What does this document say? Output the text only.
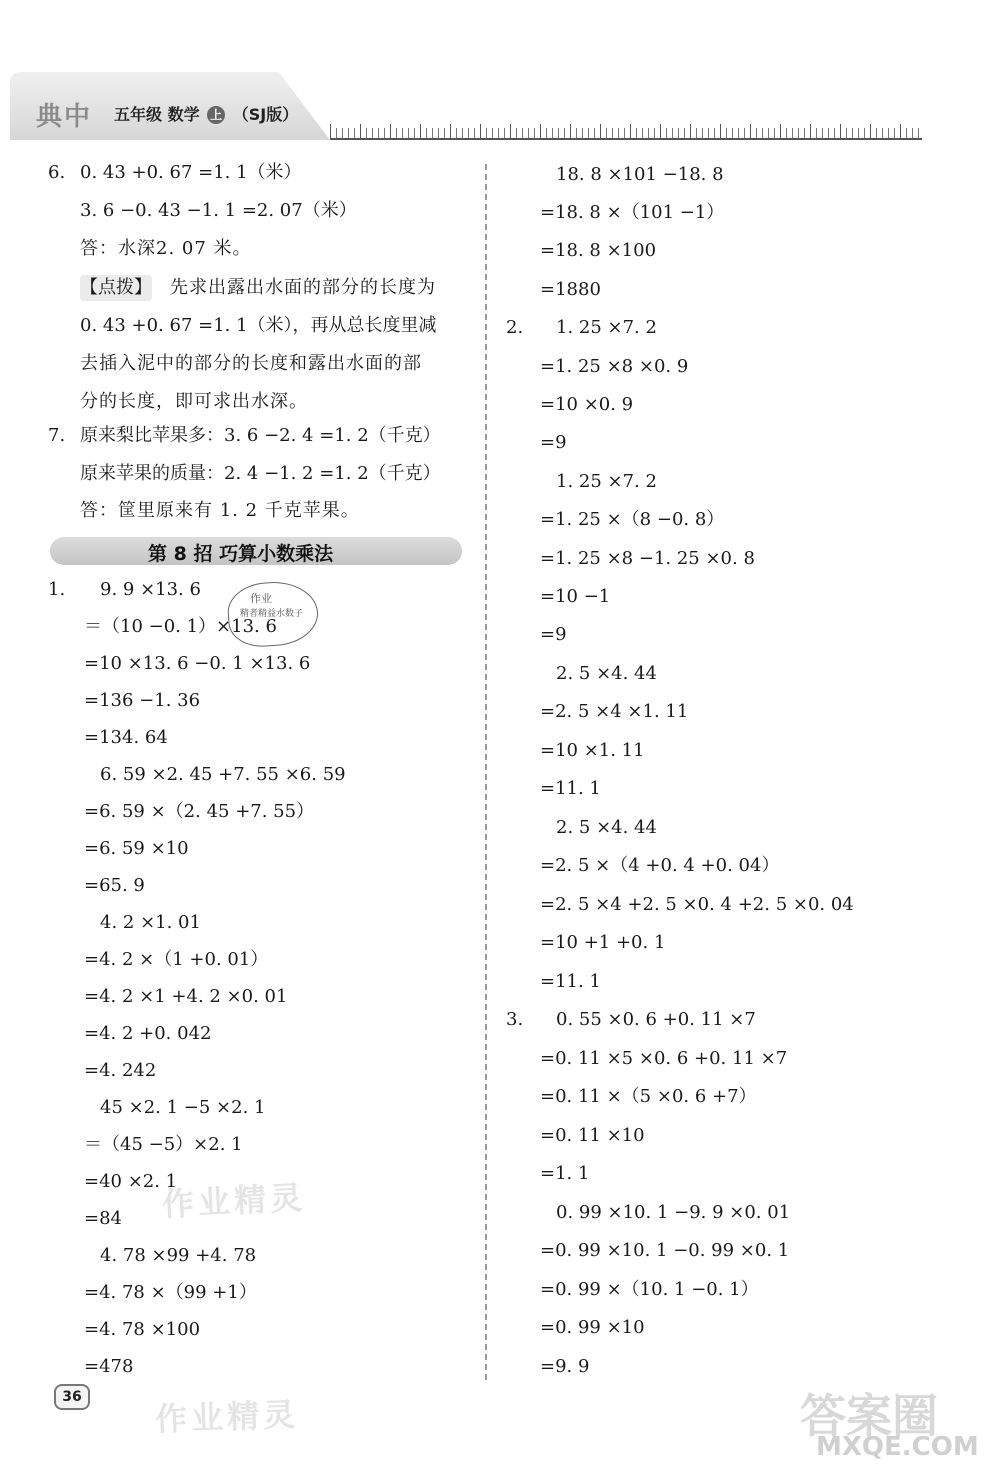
典中	五年级 数学 上 （SJ版）
6. 0. 43 +0. 67 =1. 1（米）
3. 6 −0. 43 −1. 1 =2. 07（米）
答：水深2. 07 米。
【点拨】 先求出露出水面的部分的长度为
0. 43 +0. 67 =1. 1（米），再从总长度里减
去插入泥中的部分的长度和露出水面的部
分的长度，即可求出水深。
7. 原来梨比苹果多：3. 6 −2. 4 =1. 2（千克）
原来苹果的质量：2. 4 −1. 2 =1. 2（千克）
答：筐里原来有 1. 2 千克苹果。
第 8 招 巧算小数乘法
1. 9. 9 ×13. 6
＝（10 −0. 1）×13. 6
=10 ×13. 6 −0. 1 ×13. 6
=136 −1. 36
=134. 64
6. 59 ×2. 45 +7. 55 ×6. 59
=6. 59 ×（2. 45 +7. 55）
=6. 59 ×10
=65. 9
4. 2 ×1. 01
=4. 2 ×（1 +0. 01）
=4. 2 ×1 +4. 2 ×0. 01
=4. 2 +0. 042
=4. 242
45 ×2. 1 −5 ×2. 1
＝（45 −5）×2. 1
=40 ×2. 1
=84
4. 78 ×99 +4. 78
=4. 78 ×（99 +1）
=4. 78 ×100
=478
作业
精者精益水数子
18. 8 ×101 −18. 8
=18. 8 ×（101 −1）
=18. 8 ×100
=1880
2. 1. 25 ×7. 2
=1. 25 ×8 ×0. 9
=10 ×0. 9
=9
1. 25 ×7. 2
=1. 25 ×（8 −0. 8）
=1. 25 ×8 −1. 25 ×0. 8
=10 −1
=9
2. 5 ×4. 44
=2. 5 ×4 ×1. 11
=10 ×1. 11
=11. 1
2. 5 ×4. 44
=2. 5 ×（4 +0. 4 +0. 04）
=2. 5 ×4 +2. 5 ×0. 4 +2. 5 ×0. 04
=10 +1 +0. 1
=11. 1
3. 0. 55 ×0. 6 +0. 11 ×7
=0. 11 ×5 ×0. 6 +0. 11 ×7
=0. 11 ×（5 ×0. 6 +7）
=0. 11 ×10
=1. 1
0. 99 ×10. 1 −9. 9 ×0. 01
=0. 99 ×10. 1 −0. 99 ×0. 1
=0. 99 ×（10. 1 −0. 1）
=0. 99 ×10
=9. 9
作业精灵
作业精灵	答案圈
MXQE.COM
36
